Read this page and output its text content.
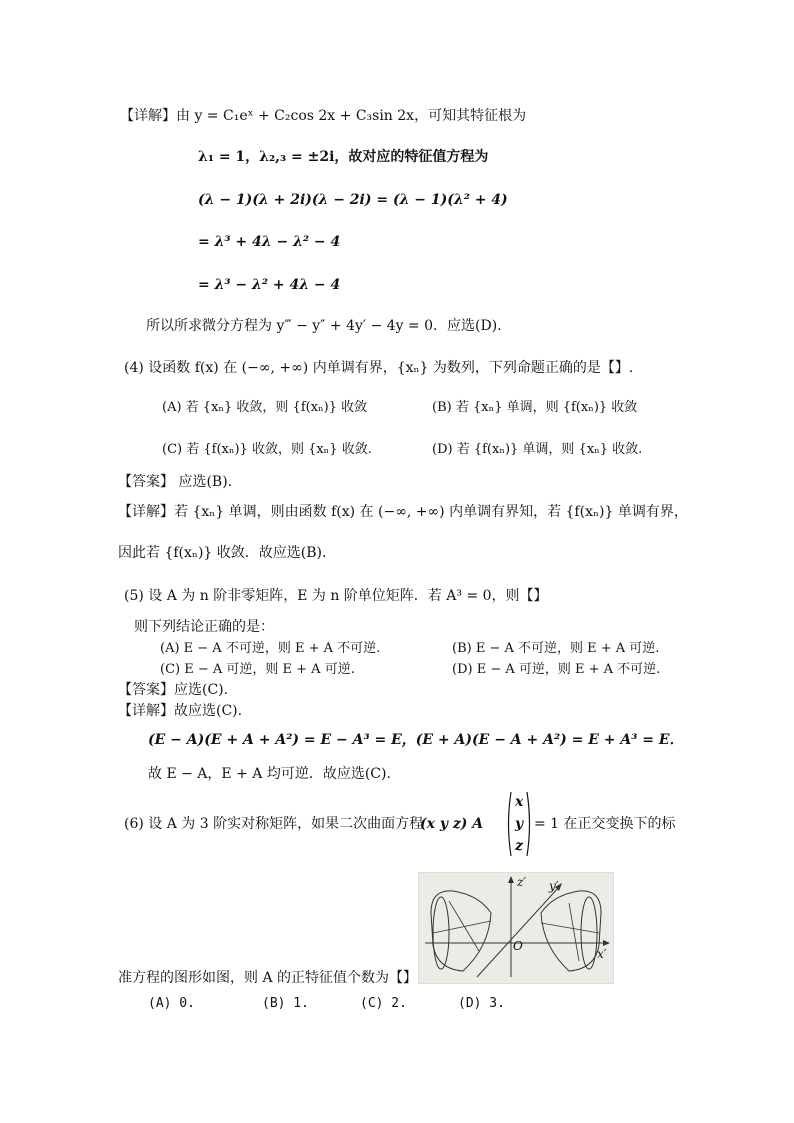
【详解】由 y = C₁eˣ + C₂cos 2x + C₃sin 2x，可知其特征根为
λ₁ = 1，λ₂,₃ = ±2i，故对应的特征值方程为
(λ − 1)(λ + 2i)(λ − 2i) = (λ − 1)(λ² + 4)
= λ³ + 4λ − λ² − 4
= λ³ − λ² + 4λ − 4
所以所求微分方程为 y‴ − y″ + 4y′ − 4y = 0．应选(D).
(4) 设函数 f(x) 在 (−∞, +∞) 内单调有界，{xₙ} 为数列，下列命题正确的是【】.
(A) 若 {xₙ} 收敛，则 {f(xₙ)} 收敛	(B) 若 {xₙ} 单调，则 {f(xₙ)} 收敛
(C) 若 {f(xₙ)} 收敛，则 {xₙ} 收敛.	(D) 若 {f(xₙ)} 单调，则 {xₙ} 收敛.
【答案】 应选(B).
【详解】若 {xₙ} 单调，则由函数 f(x) 在 (−∞, +∞) 内单调有界知，若 {f(xₙ)} 单调有界，
因此若 {f(xₙ)} 收敛．故应选(B).
(5) 设 A 为 n 阶非零矩阵，E 为 n 阶单位矩阵．若 A³ = 0，则【】
则下列结论正确的是：
(A) E − A 不可逆，则 E + A 不可逆.	(B) E − A 不可逆，则 E + A 可逆.
(C) E − A 可逆，则 E + A 可逆.	(D) E − A 可逆，则 E + A 不可逆.
【答案】应选(C).
【详解】故应选(C).
(E − A)(E + A + A²) = E − A³ = E，(E + A)(E − A + A²) = E + A³ = E．
故 E − A，E + A 均可逆．故应选(C).
(6) 设 A 为 3 阶实对称矩阵，如果二次曲面方程
(x y z) A
x
y
z
= 1 在正交变换下的标
z′ y′
x′
O
准方程的图形如图，则 A 的正特征值个数为【】
(A) 0.	(B) 1.	(C) 2.	(D) 3.
